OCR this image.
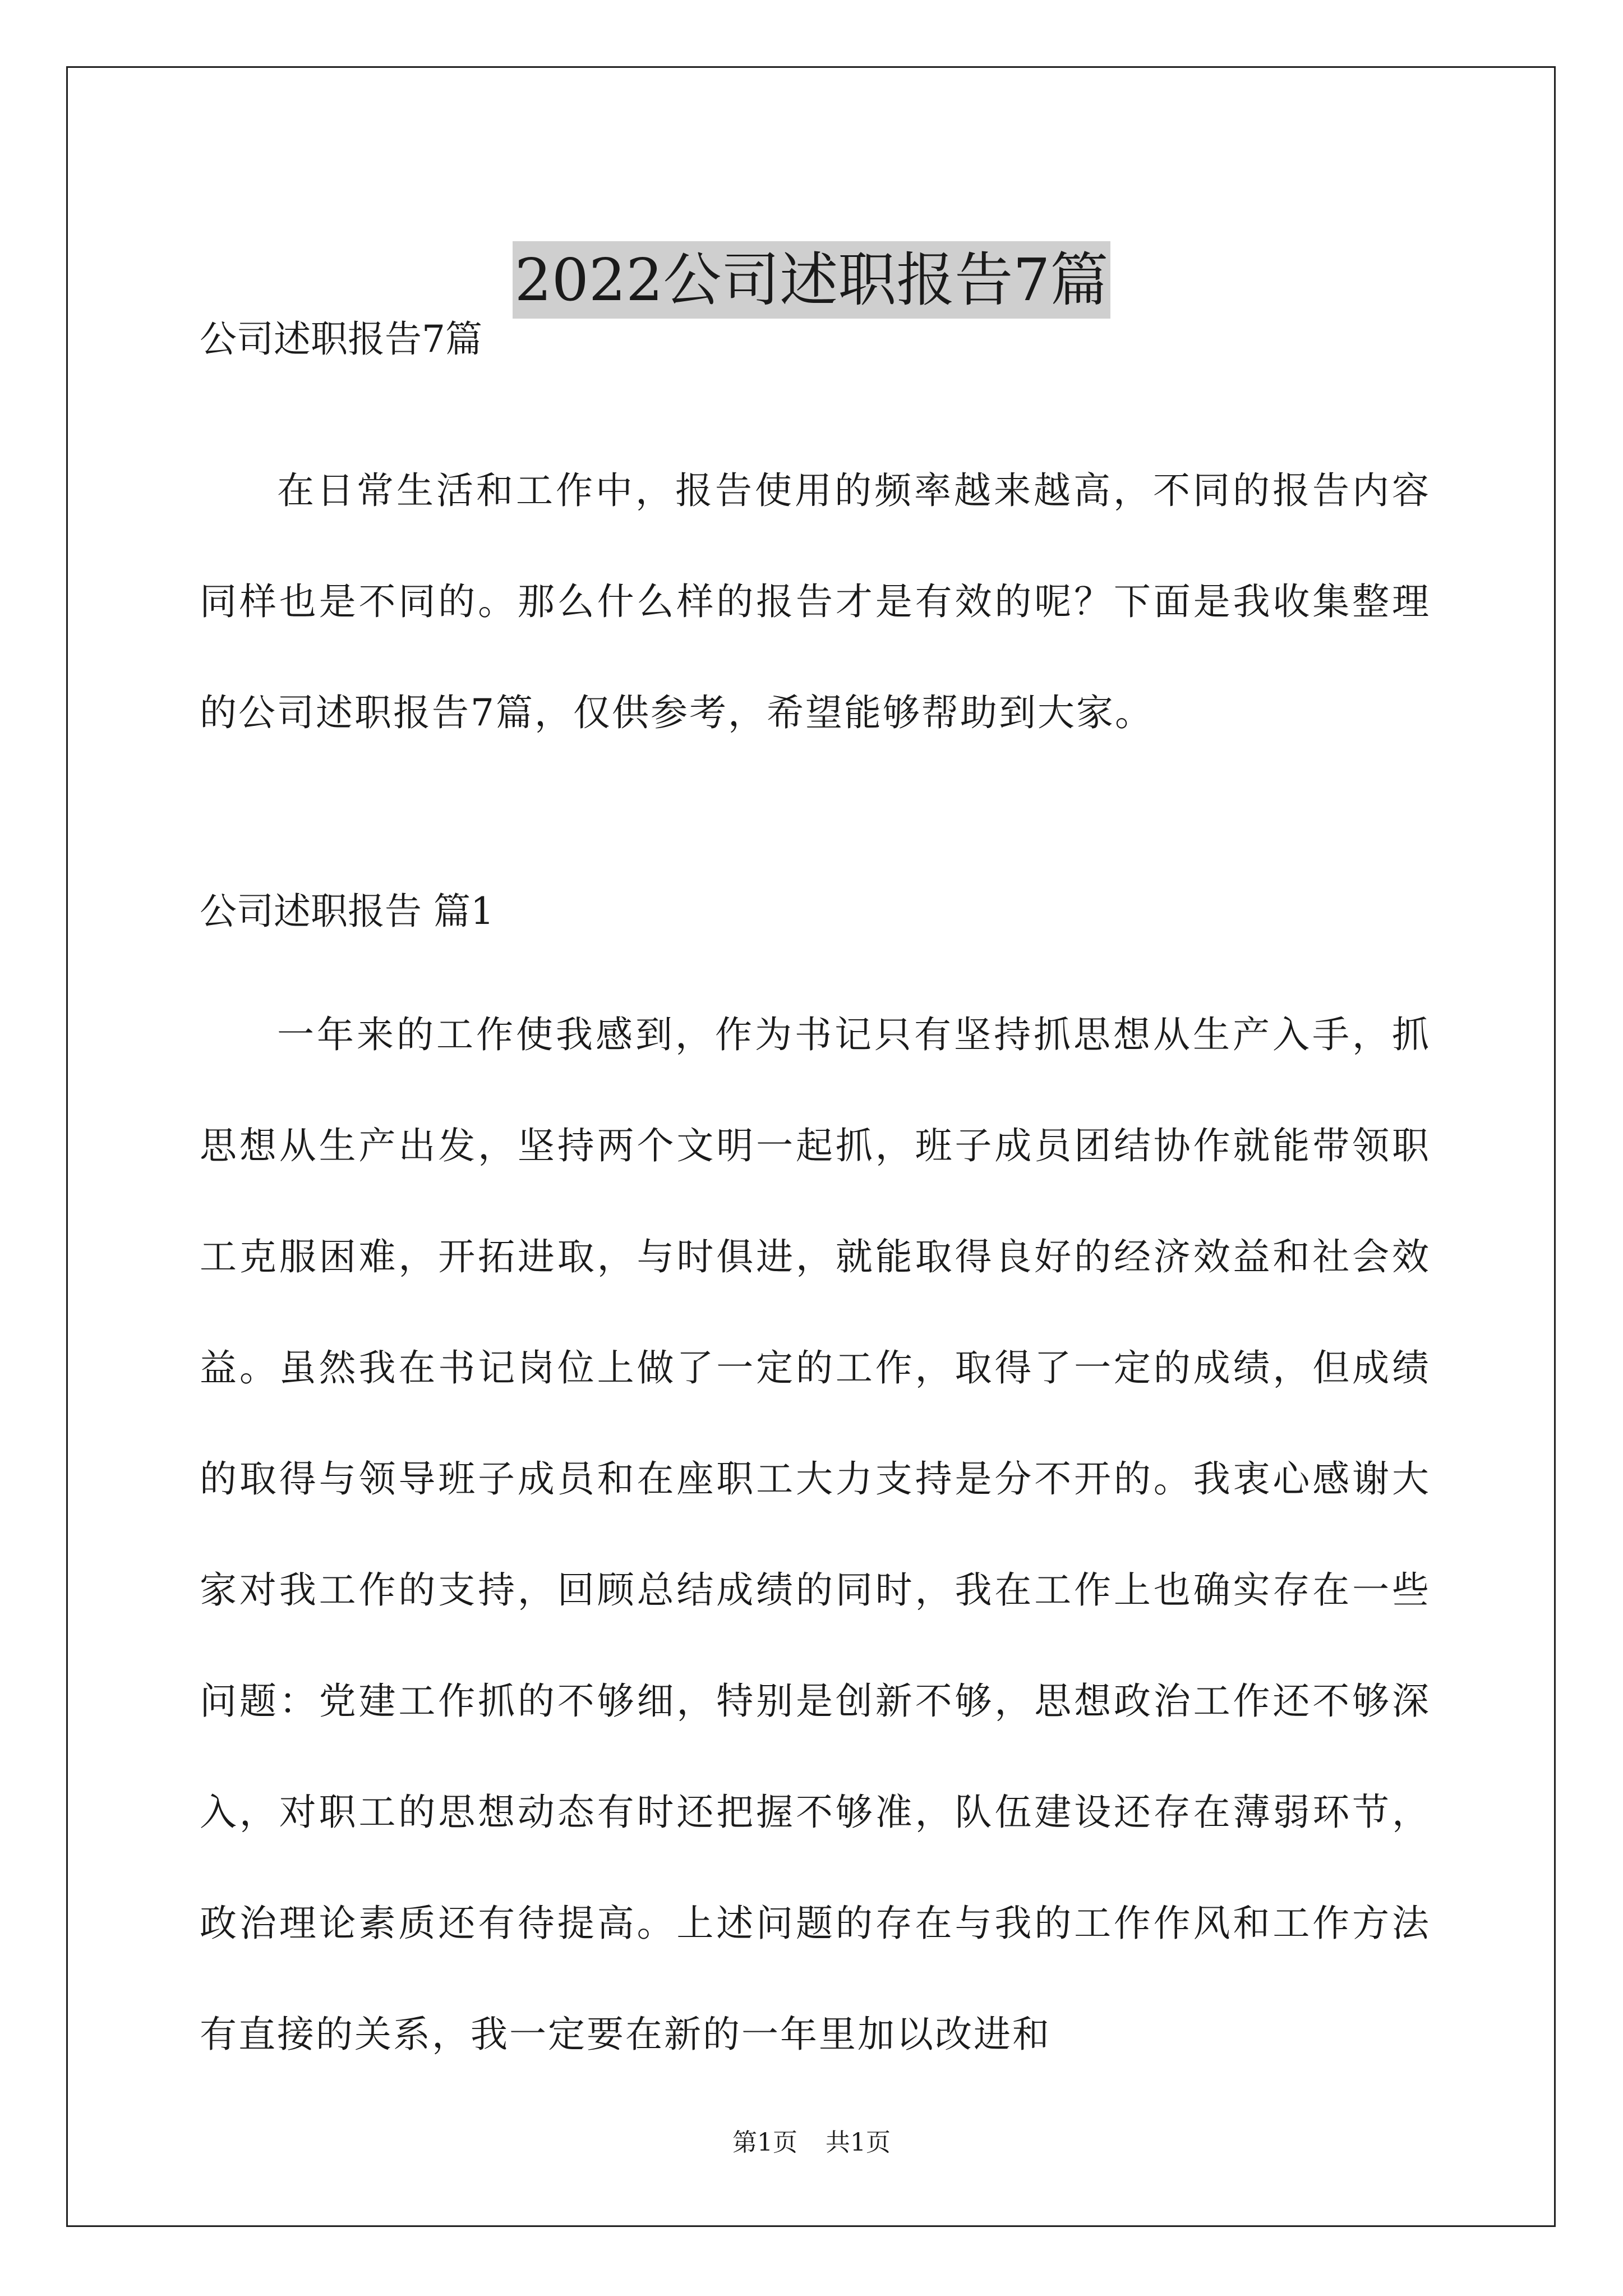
2022公司述职报告7篇
公司述职报告7篇

在日常生活和工作中，报告使用的频率越来越高，不同的报告内容同样也是不同的。那么什么样的报告才是有效的呢？下面是我收集整理的公司述职报告7篇，仅供参考，希望能够帮助到大家。

公司述职报告 篇1

一年来的工作使我感到，作为书记只有坚持抓思想从生产入手，抓思想从生产出发，坚持两个文明一起抓，班子成员团结协作就能带领职工克服困难，开拓进取，与时俱进，就能取得良好的经济效益和社会效益。虽然我在书记岗位上做了一定的工作，取得了一定的成绩，但成绩的取得与领导班子成员和在座职工大力支持是分不开的。我衷心感谢大家对我工作的支持，回顾总结成绩的同时，我在工作上也确实存在一些问题：党建工作抓的不够细，特别是创新不够，思想政治工作还不够深入，对职工的思想动态有时还把握不够准，队伍建设还存在薄弱环节，政治理论素质还有待提高。上述问题的存在与我的工作作风和工作方法有直接的关系，我一定要在新的一年里加以改进和

第1页 共1页
